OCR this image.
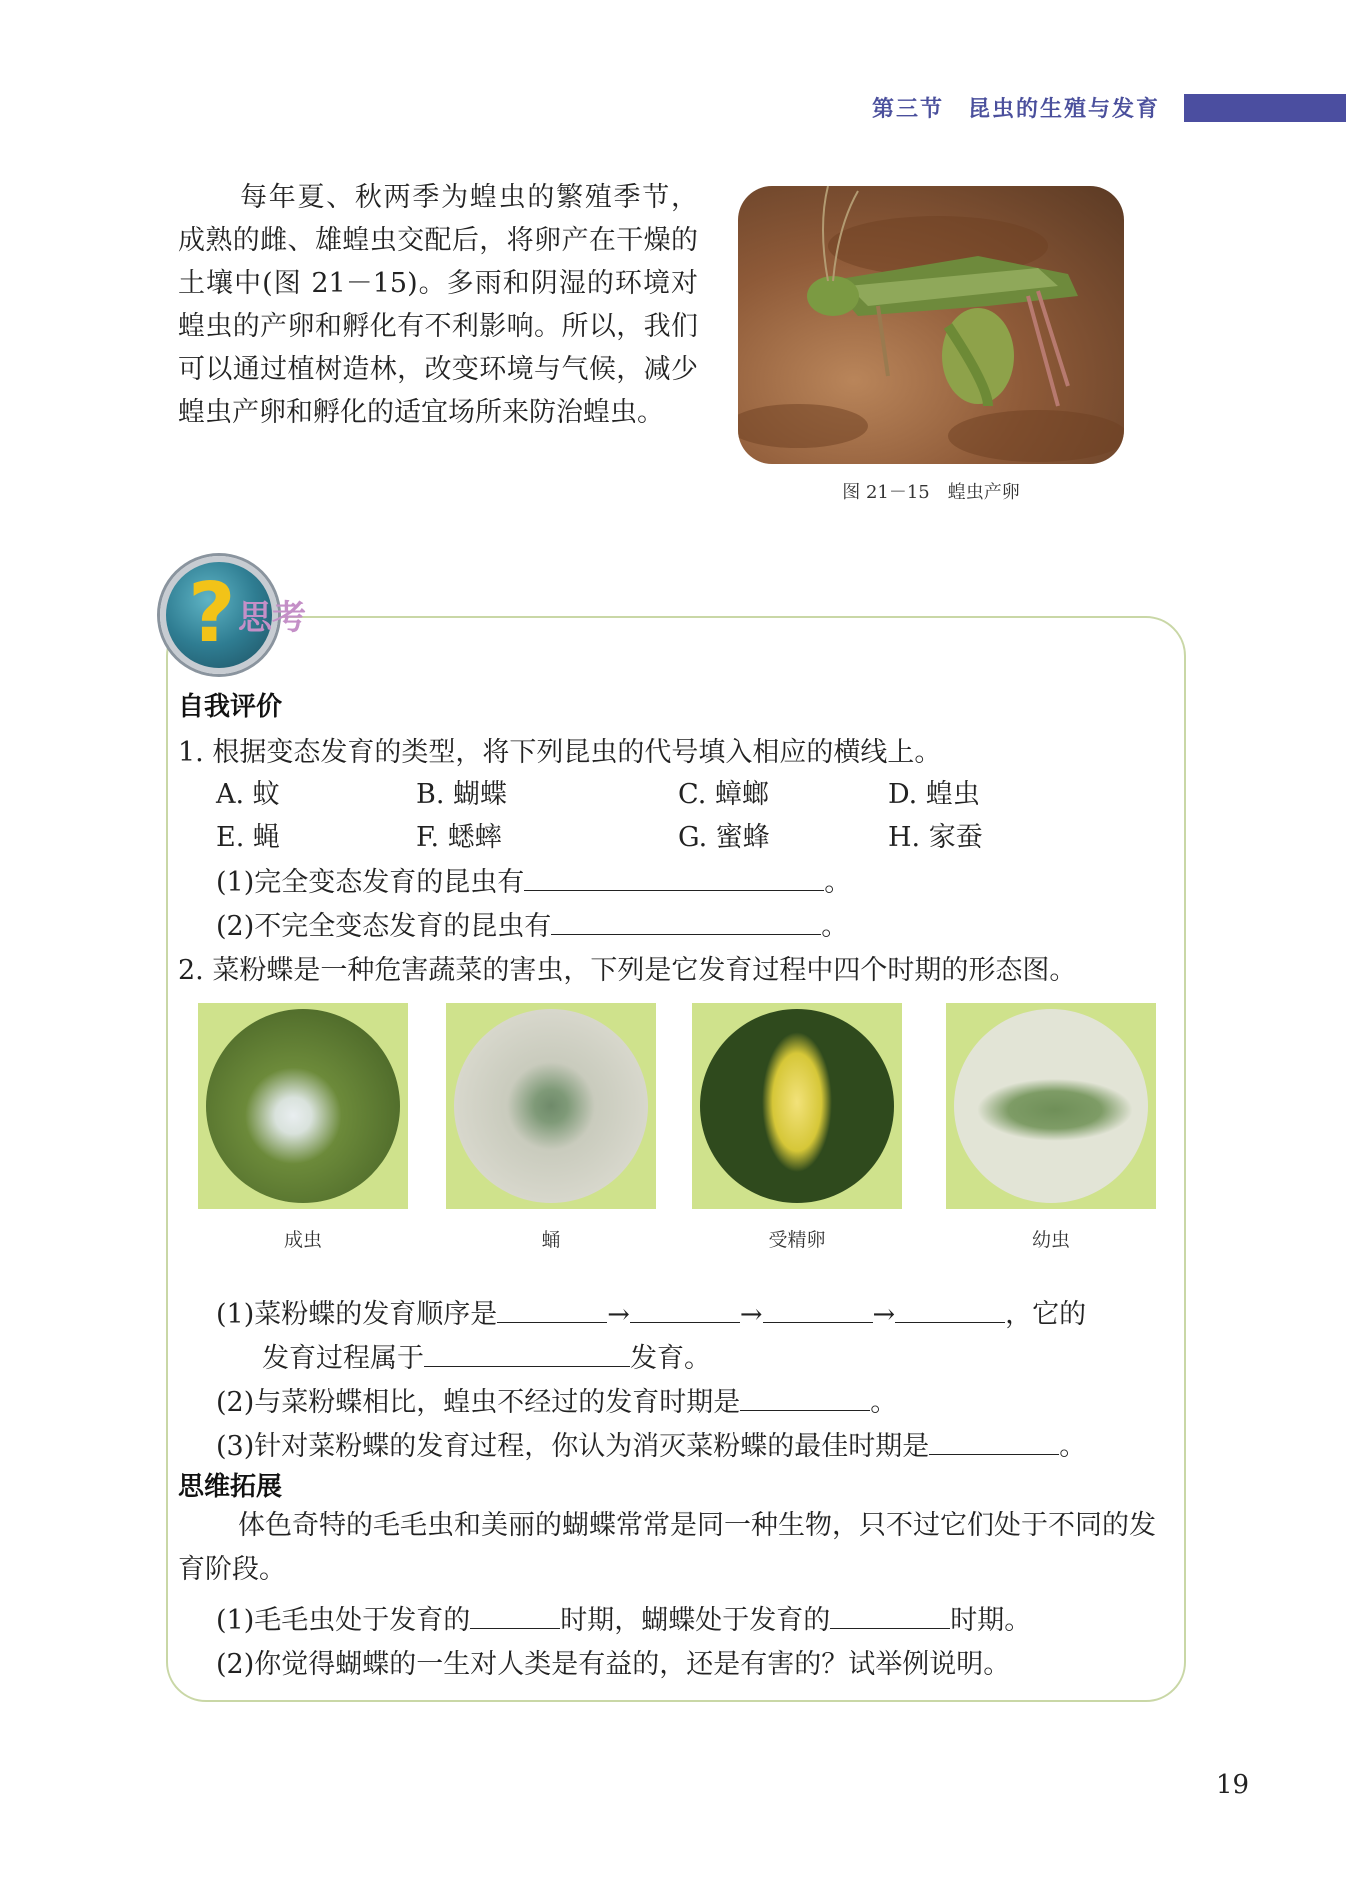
第三节　昆虫的生殖与发育

每年夏、秋两季为蝗虫的繁殖季节，成熟的雌、雄蝗虫交配后，将卵产在干燥的土壤中(图 21－15)。多雨和阴湿的环境对蝗虫的产卵和孵化有不利影响。所以，我们可以通过植树造林，改变环境与气候，减少蝗虫产卵和孵化的适宜场所来防治蝗虫。

图 21－15　蝗虫产卵
? 思考
自我评价
1. 根据变态发育的类型，将下列昆虫的代号填入相应的横线上。
A. 蚊	B. 蝴蝶	C. 蟑螂	D. 蝗虫
E. 蝇	F. 蟋蟀	G. 蜜蜂	H. 家蚕
(1)完全变态发育的昆虫有	。
(2)不完全变态发育的昆虫有	。
2. 菜粉蝶是一种危害蔬菜的害虫，下列是它发育过程中四个时期的形态图。
成虫	蛹	受精卵	幼虫
(1)菜粉蝶的发育顺序是	→	→	→	，它的
发育过程属于	发育。
(2)与菜粉蝶相比，蝗虫不经过的发育时期是	。
(3)针对菜粉蝶的发育过程，你认为消灭菜粉蝶的最佳时期是	。
思维拓展

体色奇特的毛毛虫和美丽的蝴蝶常常是同一种生物，只不过它们处于不同的发育阶段。

(1)毛毛虫处于发育的	时期，蝴蝶处于发育的	时期。
(2)你觉得蝴蝶的一生对人类是有益的，还是有害的？试举例说明。
19
